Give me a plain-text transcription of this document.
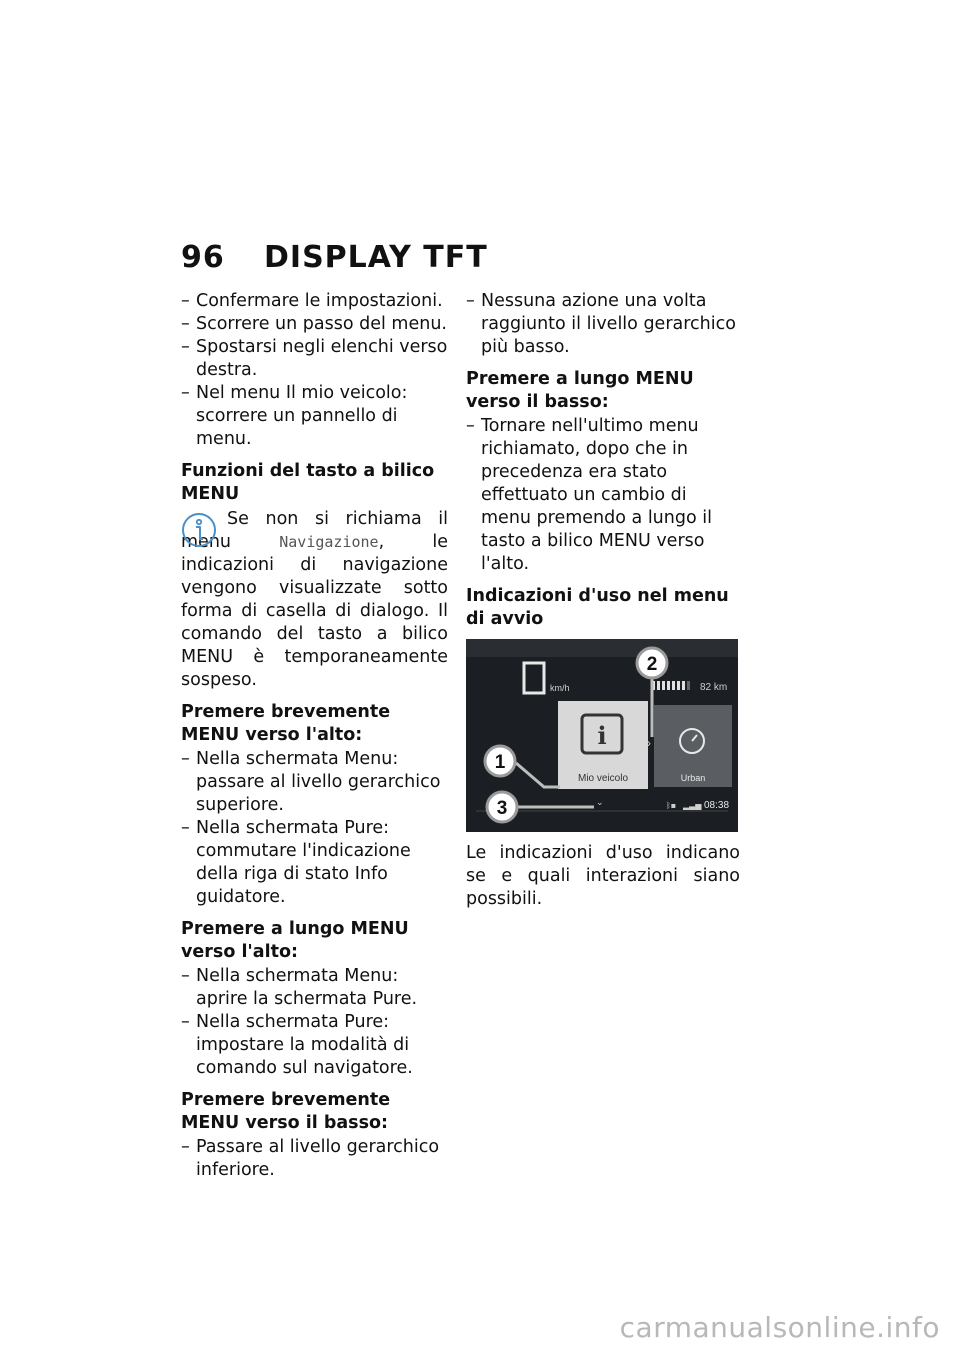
96 DISPLAY TFT

– Confermare le impostazioni.

– Scorrere un passo del menu.

– Spostarsi negli elenchi verso destra.

– Nel menu Il mio veicolo: scorrere un pannello di menu.

Funzioni del tasto a bilico MENU

Se non si richiama il menu Navigazione, le indicazioni di navigazione vengono visualizzate sotto forma di casella di dialogo. Il comando del tasto a bilico MENU è temporaneamente sospeso.

Premere brevemente MENU verso l'alto:

– Nella schermata Menu: passare al livello gerarchico superiore.

– Nella schermata Pure: commutare l'indicazione della riga di stato Info guidatore.

Premere a lungo MENU verso l'alto:

– Nella schermata Menu: aprire la schermata Pure.

– Nella schermata Pure: impostare la modalità di comando sul navigatore.

Premere brevemente MENU verso il basso:

– Passare al livello gerarchico inferiore.

– Nessuna azione una volta raggiunto il livello gerarchico più basso.

Premere a lungo MENU verso il basso:

– Tornare nell'ultimo menu richiamato, dopo che in precedenza era stato effettuato un cambio di menu premendo a lungo il tasto a bilico MENU verso l'alto.

Indicazioni d'uso nel menu di avvio

km/h	82 km
i
Mio veicolo	Urban
›
⌄	ᛒ▪ ▂▃▅ 08:38
1
2
3

Le indicazioni d'uso indicano se e quali interazioni siano possibili.

carmanualsonline.info
